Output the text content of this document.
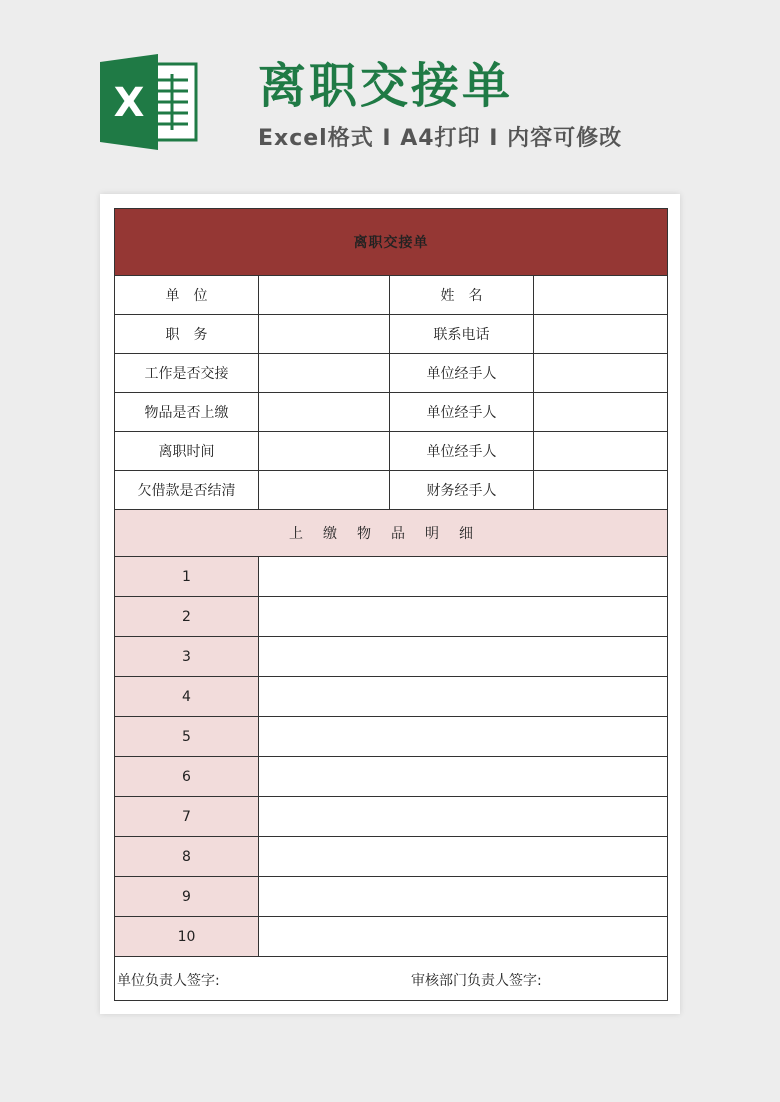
X 离职交接单
Excel格式 I A4打印 I 内容可修改
离职交接单			
单　位		姓　名	
职　务		联系电话	
工作是否交接		单位经手人	
物品是否上缴		单位经手人	
离职时间		单位经手人	
欠借款是否结清		财务经手人	
上缴物品明细			
1			
2			
3			
4			
5			
6			
7			
8			
9			
10			

单位负责人签字: 审核部门负责人签字:			
